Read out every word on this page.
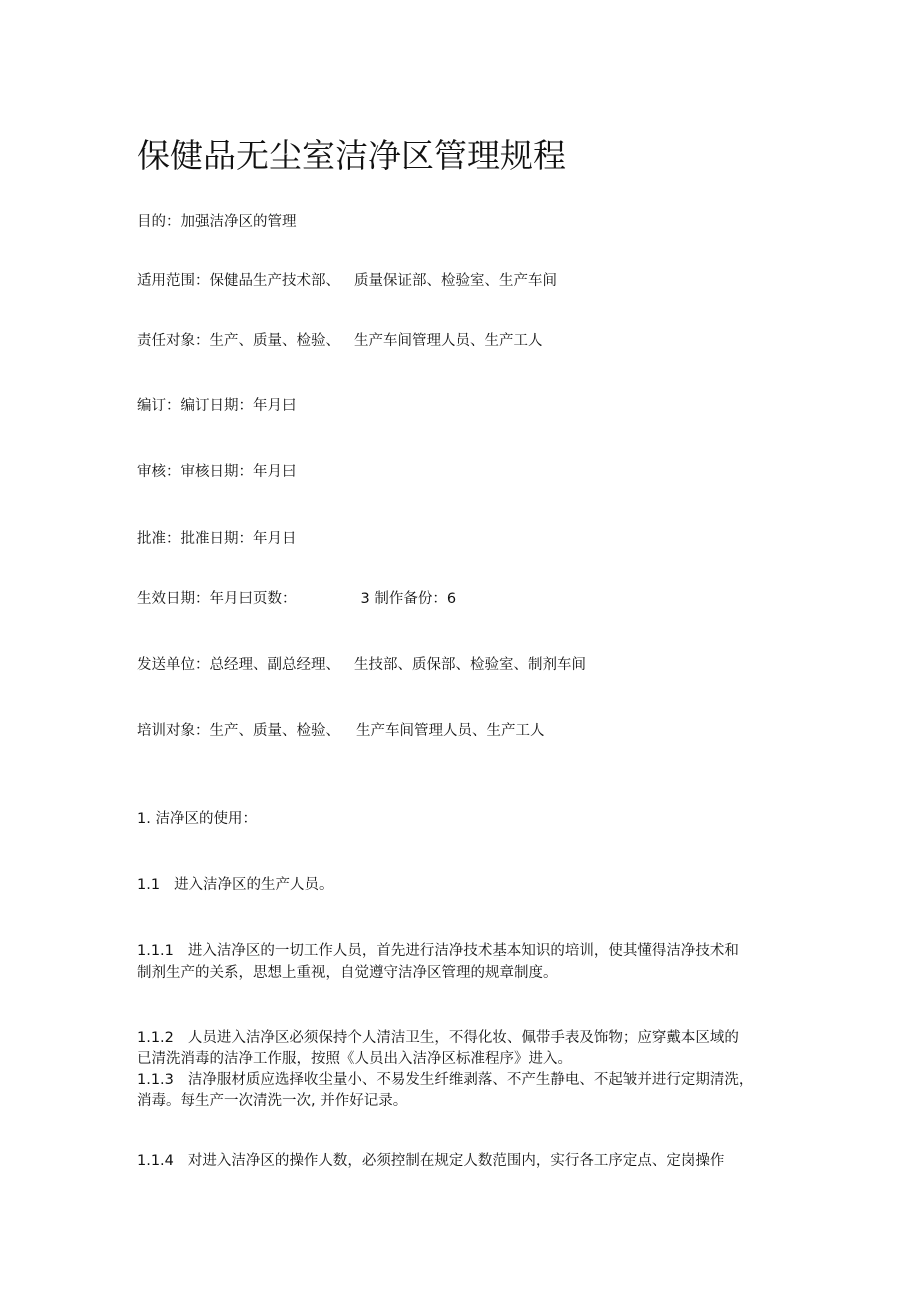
保健品无尘室洁净区管理规程
目的：加强洁净区的管理
适用范围：保健品生产技术部、 质量保证部、检验室、生产车间
责任对象：生产、质量、检验、 生产车间管理人员、生产工人
编订：编订日期：年月曰
审核：审核日期：年月曰
批准：批准日期：年月日
生效日期：年月曰页数：	3 制作备份：6
发送单位：总经理、副总经理、 生技部、质保部、检验室、制剂车间
培训对象：生产、质量、检验、 生产车间管理人员、生产工人
1. 洁净区的使用：
1.1 进入洁净区的生产人员。
1.1.1 进入洁净区的一切工作人员，首先进行洁净技术基本知识的培训，使其懂得洁净技术和
制剂生产的关系，思想上重视，自觉遵守洁净区管理的规章制度。
1.1.2 人员进入洁净区必须保持个人清洁卫生，不得化妆、佩带手表及饰物；应穿戴本区域的
已清洗消毒的洁净工作服，按照《人员出入洁净区标准程序》进入。
1.1.3 洁净服材质应选择收尘量小、不易发生纤维剥落、不产生静电、不起皱并进行定期清洗，
消毒。每生产一次清洗一次, 并作好记录。
1.1.4 对进入洁净区的操作人数，必须控制在规定人数范围内，实行各工序定点、定岗操作
